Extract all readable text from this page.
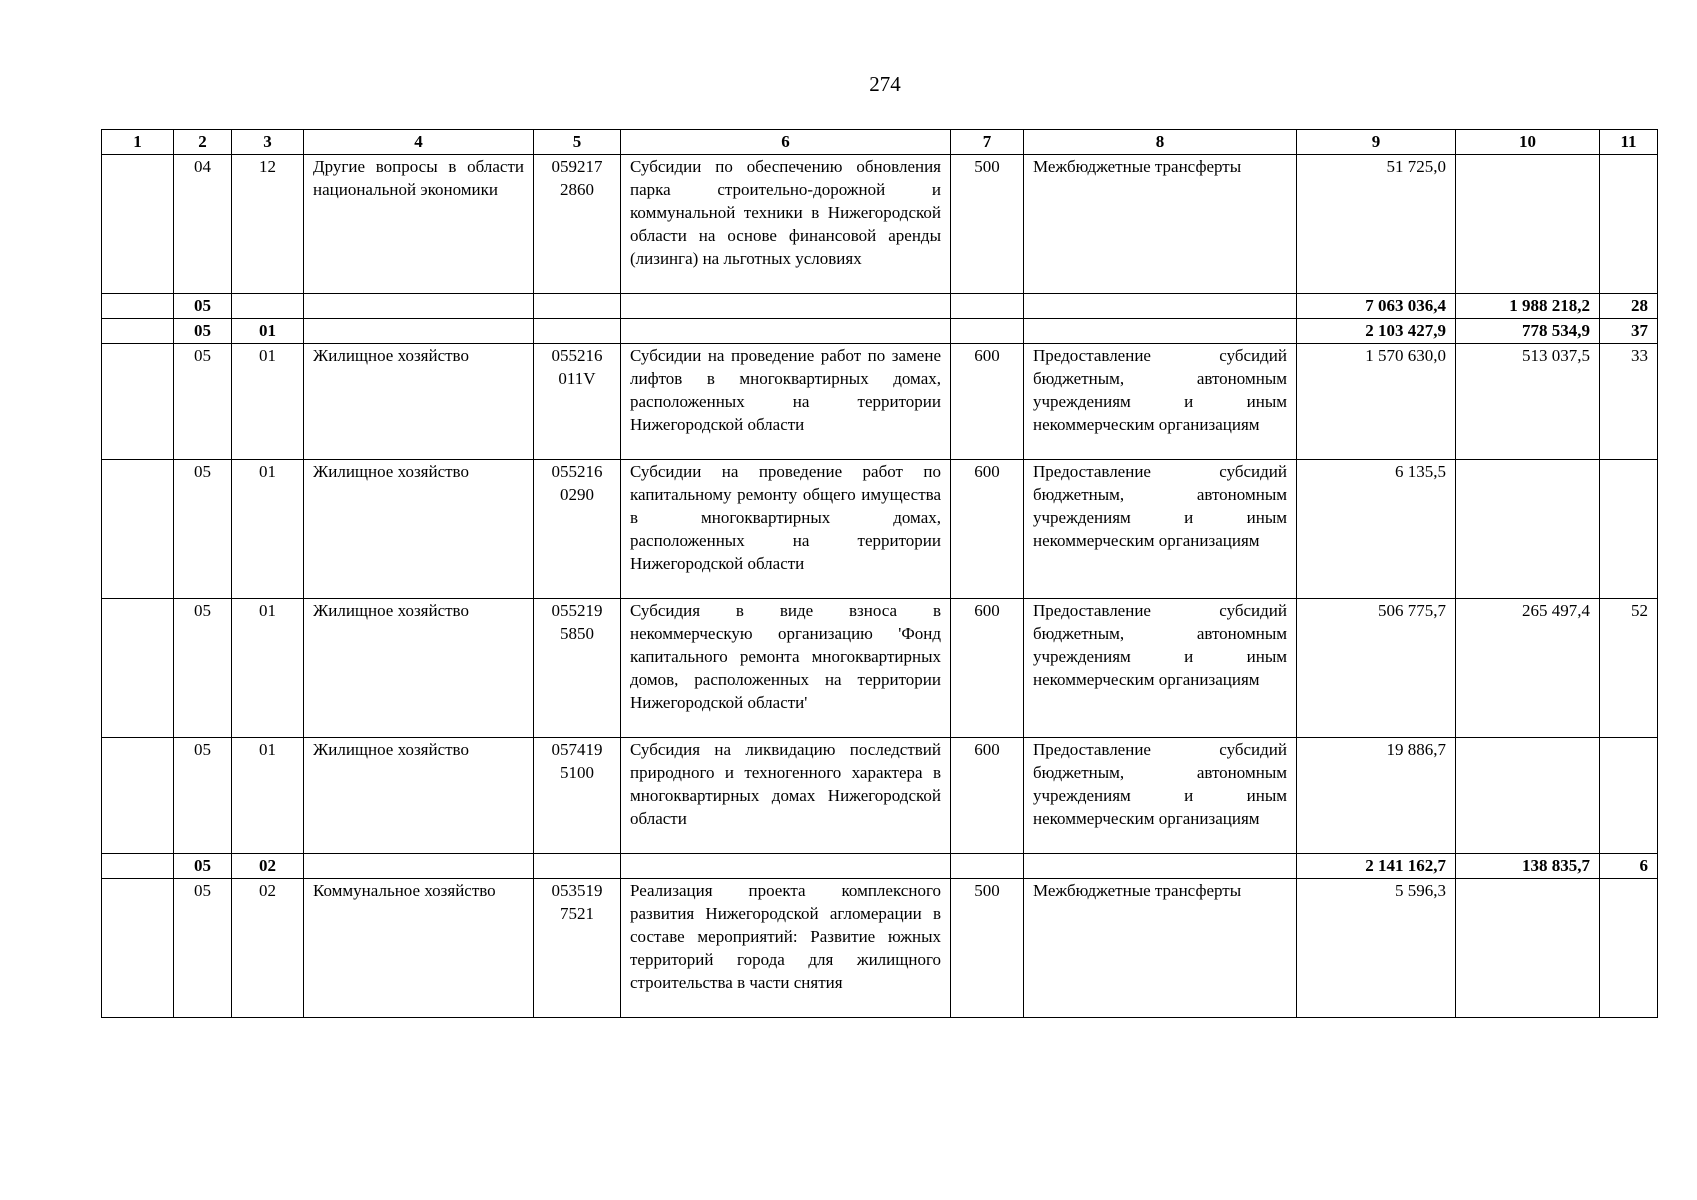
274
1	2	3	4	5	6	7	8	9	10	11
	04	12	Другие вопросы в области национальной экономики	059217 2860	Субсидии по обеспечению обновления парка строительно-дорожной и коммунальной техники в Нижегородской области на основе финансовой аренды (лизинга) на льготных условиях	500	Межбюджетные трансферты	51 725,0		
	05							7 063 036,4	1 988 218,2	28
	05	01						2 103 427,9	778 534,9	37
	05	01	Жилищное хозяйство	055216 011V	Субсидии на проведение работ по замене лифтов в многоквартирных домах, расположенных на территории Нижегородской области	600	Предоставление субсидий бюджетным, автономным учреждениям и иным некоммерческим организациям	1 570 630,0	513 037,5	33
	05	01	Жилищное хозяйство	055216 0290	Субсидии на проведение работ по капитальному ремонту общего имущества в многоквартирных домах, расположенных на территории Нижегородской области	600	Предоставление субсидий бюджетным, автономным учреждениям и иным некоммерческим организациям	6 135,5		
	05	01	Жилищное хозяйство	055219 5850	Субсидия в виде взноса в некоммерческую организацию 'Фонд капитального ремонта многоквартирных домов, расположенных на территории Нижегородской области'	600	Предоставление субсидий бюджетным, автономным учреждениям и иным некоммерческим организациям	506 775,7	265 497,4	52
	05	01	Жилищное хозяйство	057419 5100	Субсидия на ликвидацию последствий природного и техногенного характера в многоквартирных домах Нижегородской области	600	Предоставление субсидий бюджетным, автономным учреждениям и иным некоммерческим организациям	19 886,7		
	05	02						2 141 162,7	138 835,7	6
	05	02	Коммунальное хозяйство	053519 7521	Реализация проекта комплексного развития Нижегородской агломерации в составе мероприятий: Развитие южных территорий города для жилищного строительства в части снятия	500	Межбюджетные трансферты	5 596,3		
